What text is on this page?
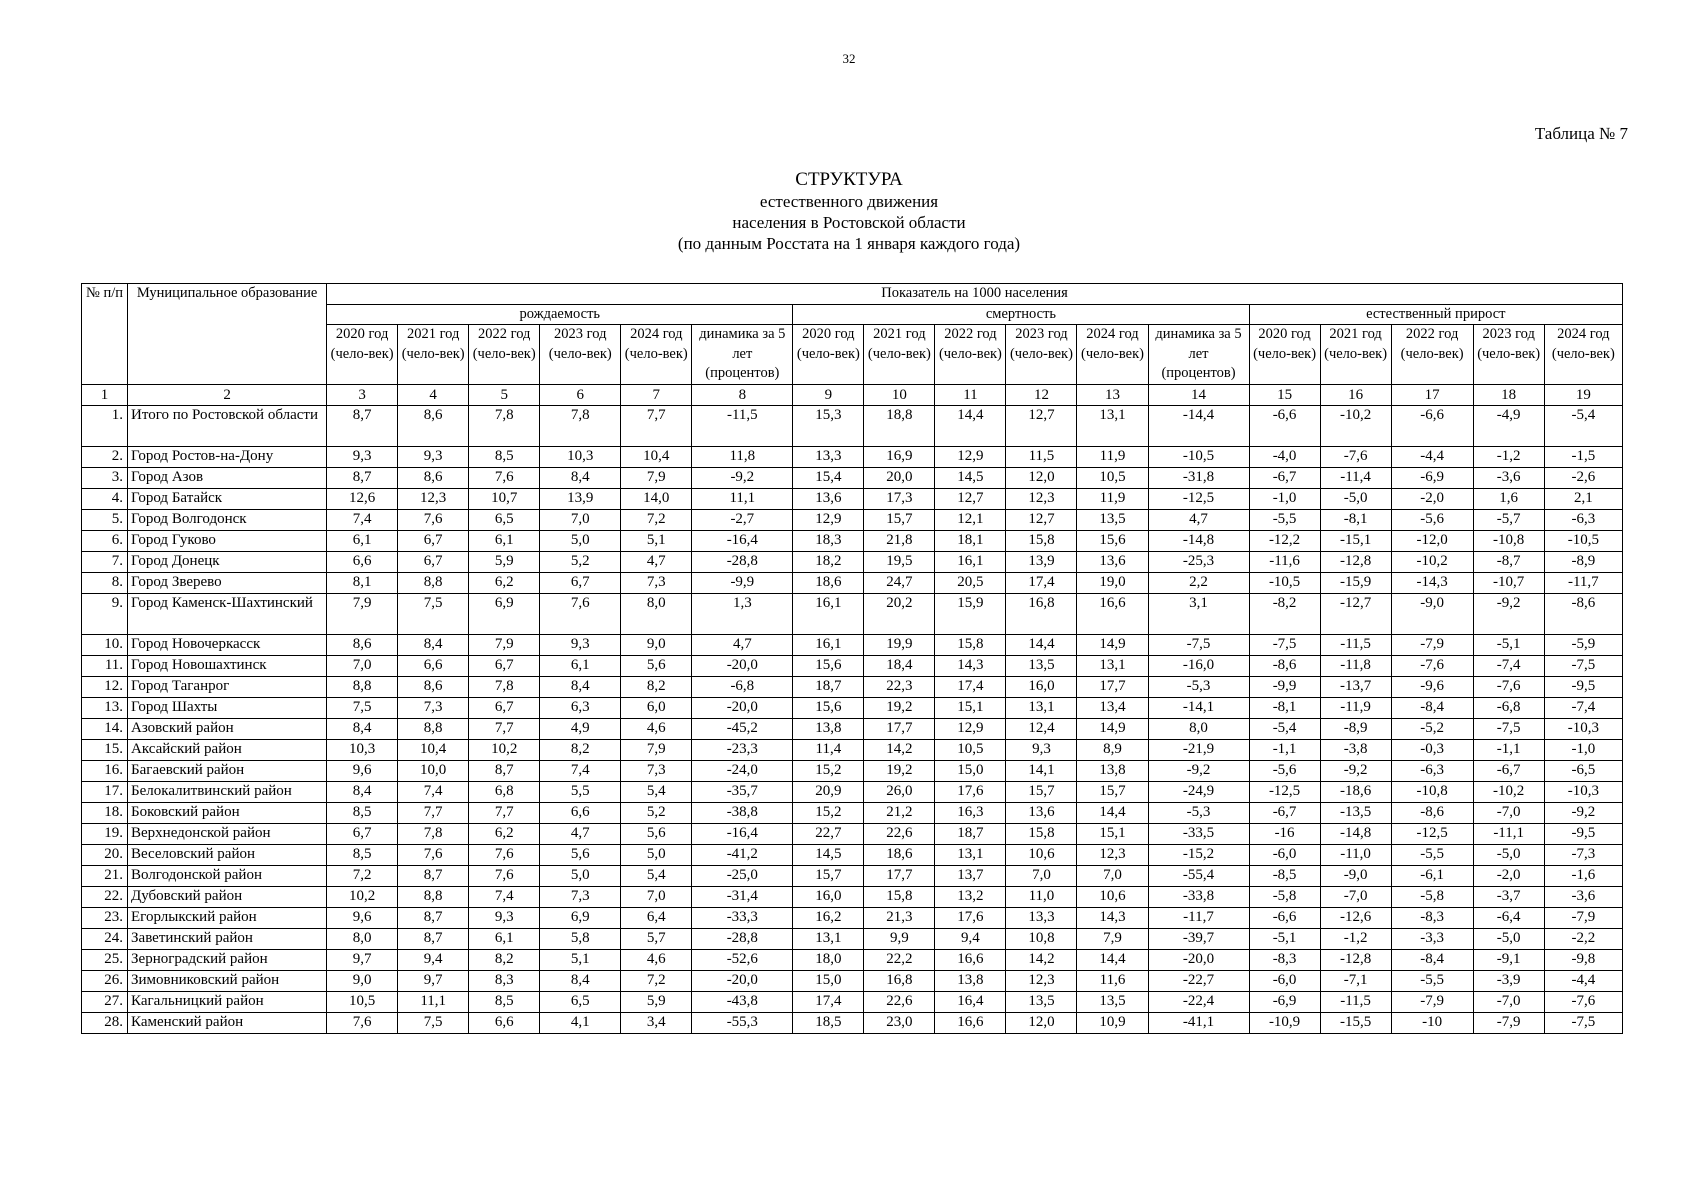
32
Таблица № 7
СТРУКТУРА
естественного движения
населения в Ростовской области
(по данным Росстата на 1 января каждого года)
№ п/п	Муниципальное образование	Показатель на 1000 населения																
		рождаемость						смертность						естественный прирост				
		2020 год (чело-век)	2021 год (чело-век)	2022 год (чело-век)	2023 год (чело-век)	2024 год (чело-век)	динамика за 5 лет (процентов)	2020 год (чело-век)	2021 год (чело-век)	2022 год (чело-век)	2023 год (чело-век)	2024 год (чело-век)	динамика за 5 лет (процентов)	2020 год (чело-век)	2021 год (чело-век)	2022 год (чело-век)	2023 год (чело-век)	2024 год (чело-век)
1	2	3	4	5	6	7	8	9	10	11	12	13	14	15	16	17	18	19
1.	Итого по Ростовской области	8,7	8,6	7,8	7,8	7,7	-11,5	15,3	18,8	14,4	12,7	13,1	-14,4	-6,6	-10,2	-6,6	-4,9	-5,4
2.	Город Ростов-на-Дону	9,3	9,3	8,5	10,3	10,4	11,8	13,3	16,9	12,9	11,5	11,9	-10,5	-4,0	-7,6	-4,4	-1,2	-1,5
3.	Город Азов	8,7	8,6	7,6	8,4	7,9	-9,2	15,4	20,0	14,5	12,0	10,5	-31,8	-6,7	-11,4	-6,9	-3,6	-2,6
4.	Город Батайск	12,6	12,3	10,7	13,9	14,0	11,1	13,6	17,3	12,7	12,3	11,9	-12,5	-1,0	-5,0	-2,0	1,6	2,1
5.	Город Волгодонск	7,4	7,6	6,5	7,0	7,2	-2,7	12,9	15,7	12,1	12,7	13,5	4,7	-5,5	-8,1	-5,6	-5,7	-6,3
6.	Город Гуково	6,1	6,7	6,1	5,0	5,1	-16,4	18,3	21,8	18,1	15,8	15,6	-14,8	-12,2	-15,1	-12,0	-10,8	-10,5
7.	Город Донецк	6,6	6,7	5,9	5,2	4,7	-28,8	18,2	19,5	16,1	13,9	13,6	-25,3	-11,6	-12,8	-10,2	-8,7	-8,9
8.	Город Зверево	8,1	8,8	6,2	6,7	7,3	-9,9	18,6	24,7	20,5	17,4	19,0	2,2	-10,5	-15,9	-14,3	-10,7	-11,7
9.	Город Каменск-Шахтинский	7,9	7,5	6,9	7,6	8,0	1,3	16,1	20,2	15,9	16,8	16,6	3,1	-8,2	-12,7	-9,0	-9,2	-8,6
10.	Город Новочеркасск	8,6	8,4	7,9	9,3	9,0	4,7	16,1	19,9	15,8	14,4	14,9	-7,5	-7,5	-11,5	-7,9	-5,1	-5,9
11.	Город Новошахтинск	7,0	6,6	6,7	6,1	5,6	-20,0	15,6	18,4	14,3	13,5	13,1	-16,0	-8,6	-11,8	-7,6	-7,4	-7,5
12.	Город Таганрог	8,8	8,6	7,8	8,4	8,2	-6,8	18,7	22,3	17,4	16,0	17,7	-5,3	-9,9	-13,7	-9,6	-7,6	-9,5
13.	Город Шахты	7,5	7,3	6,7	6,3	6,0	-20,0	15,6	19,2	15,1	13,1	13,4	-14,1	-8,1	-11,9	-8,4	-6,8	-7,4
14.	Азовский район	8,4	8,8	7,7	4,9	4,6	-45,2	13,8	17,7	12,9	12,4	14,9	8,0	-5,4	-8,9	-5,2	-7,5	-10,3
15.	Аксайский район	10,3	10,4	10,2	8,2	7,9	-23,3	11,4	14,2	10,5	9,3	8,9	-21,9	-1,1	-3,8	-0,3	-1,1	-1,0
16.	Багаевский район	9,6	10,0	8,7	7,4	7,3	-24,0	15,2	19,2	15,0	14,1	13,8	-9,2	-5,6	-9,2	-6,3	-6,7	-6,5
17.	Белокалитвинский район	8,4	7,4	6,8	5,5	5,4	-35,7	20,9	26,0	17,6	15,7	15,7	-24,9	-12,5	-18,6	-10,8	-10,2	-10,3
18.	Боковский район	8,5	7,7	7,7	6,6	5,2	-38,8	15,2	21,2	16,3	13,6	14,4	-5,3	-6,7	-13,5	-8,6	-7,0	-9,2
19.	Верхнедонской район	6,7	7,8	6,2	4,7	5,6	-16,4	22,7	22,6	18,7	15,8	15,1	-33,5	-16	-14,8	-12,5	-11,1	-9,5
20.	Веселовский район	8,5	7,6	7,6	5,6	5,0	-41,2	14,5	18,6	13,1	10,6	12,3	-15,2	-6,0	-11,0	-5,5	-5,0	-7,3
21.	Волгодонской район	7,2	8,7	7,6	5,0	5,4	-25,0	15,7	17,7	13,7	7,0	7,0	-55,4	-8,5	-9,0	-6,1	-2,0	-1,6
22.	Дубовский район	10,2	8,8	7,4	7,3	7,0	-31,4	16,0	15,8	13,2	11,0	10,6	-33,8	-5,8	-7,0	-5,8	-3,7	-3,6
23.	Егорлыкский район	9,6	8,7	9,3	6,9	6,4	-33,3	16,2	21,3	17,6	13,3	14,3	-11,7	-6,6	-12,6	-8,3	-6,4	-7,9
24.	Заветинский район	8,0	8,7	6,1	5,8	5,7	-28,8	13,1	9,9	9,4	10,8	7,9	-39,7	-5,1	-1,2	-3,3	-5,0	-2,2
25.	Зерноградский район	9,7	9,4	8,2	5,1	4,6	-52,6	18,0	22,2	16,6	14,2	14,4	-20,0	-8,3	-12,8	-8,4	-9,1	-9,8
26.	Зимовниковский район	9,0	9,7	8,3	8,4	7,2	-20,0	15,0	16,8	13,8	12,3	11,6	-22,7	-6,0	-7,1	-5,5	-3,9	-4,4
27.	Кагальницкий район	10,5	11,1	8,5	6,5	5,9	-43,8	17,4	22,6	16,4	13,5	13,5	-22,4	-6,9	-11,5	-7,9	-7,0	-7,6
28.	Каменский район	7,6	7,5	6,6	4,1	3,4	-55,3	18,5	23,0	16,6	12,0	10,9	-41,1	-10,9	-15,5	-10	-7,9	-7,5
